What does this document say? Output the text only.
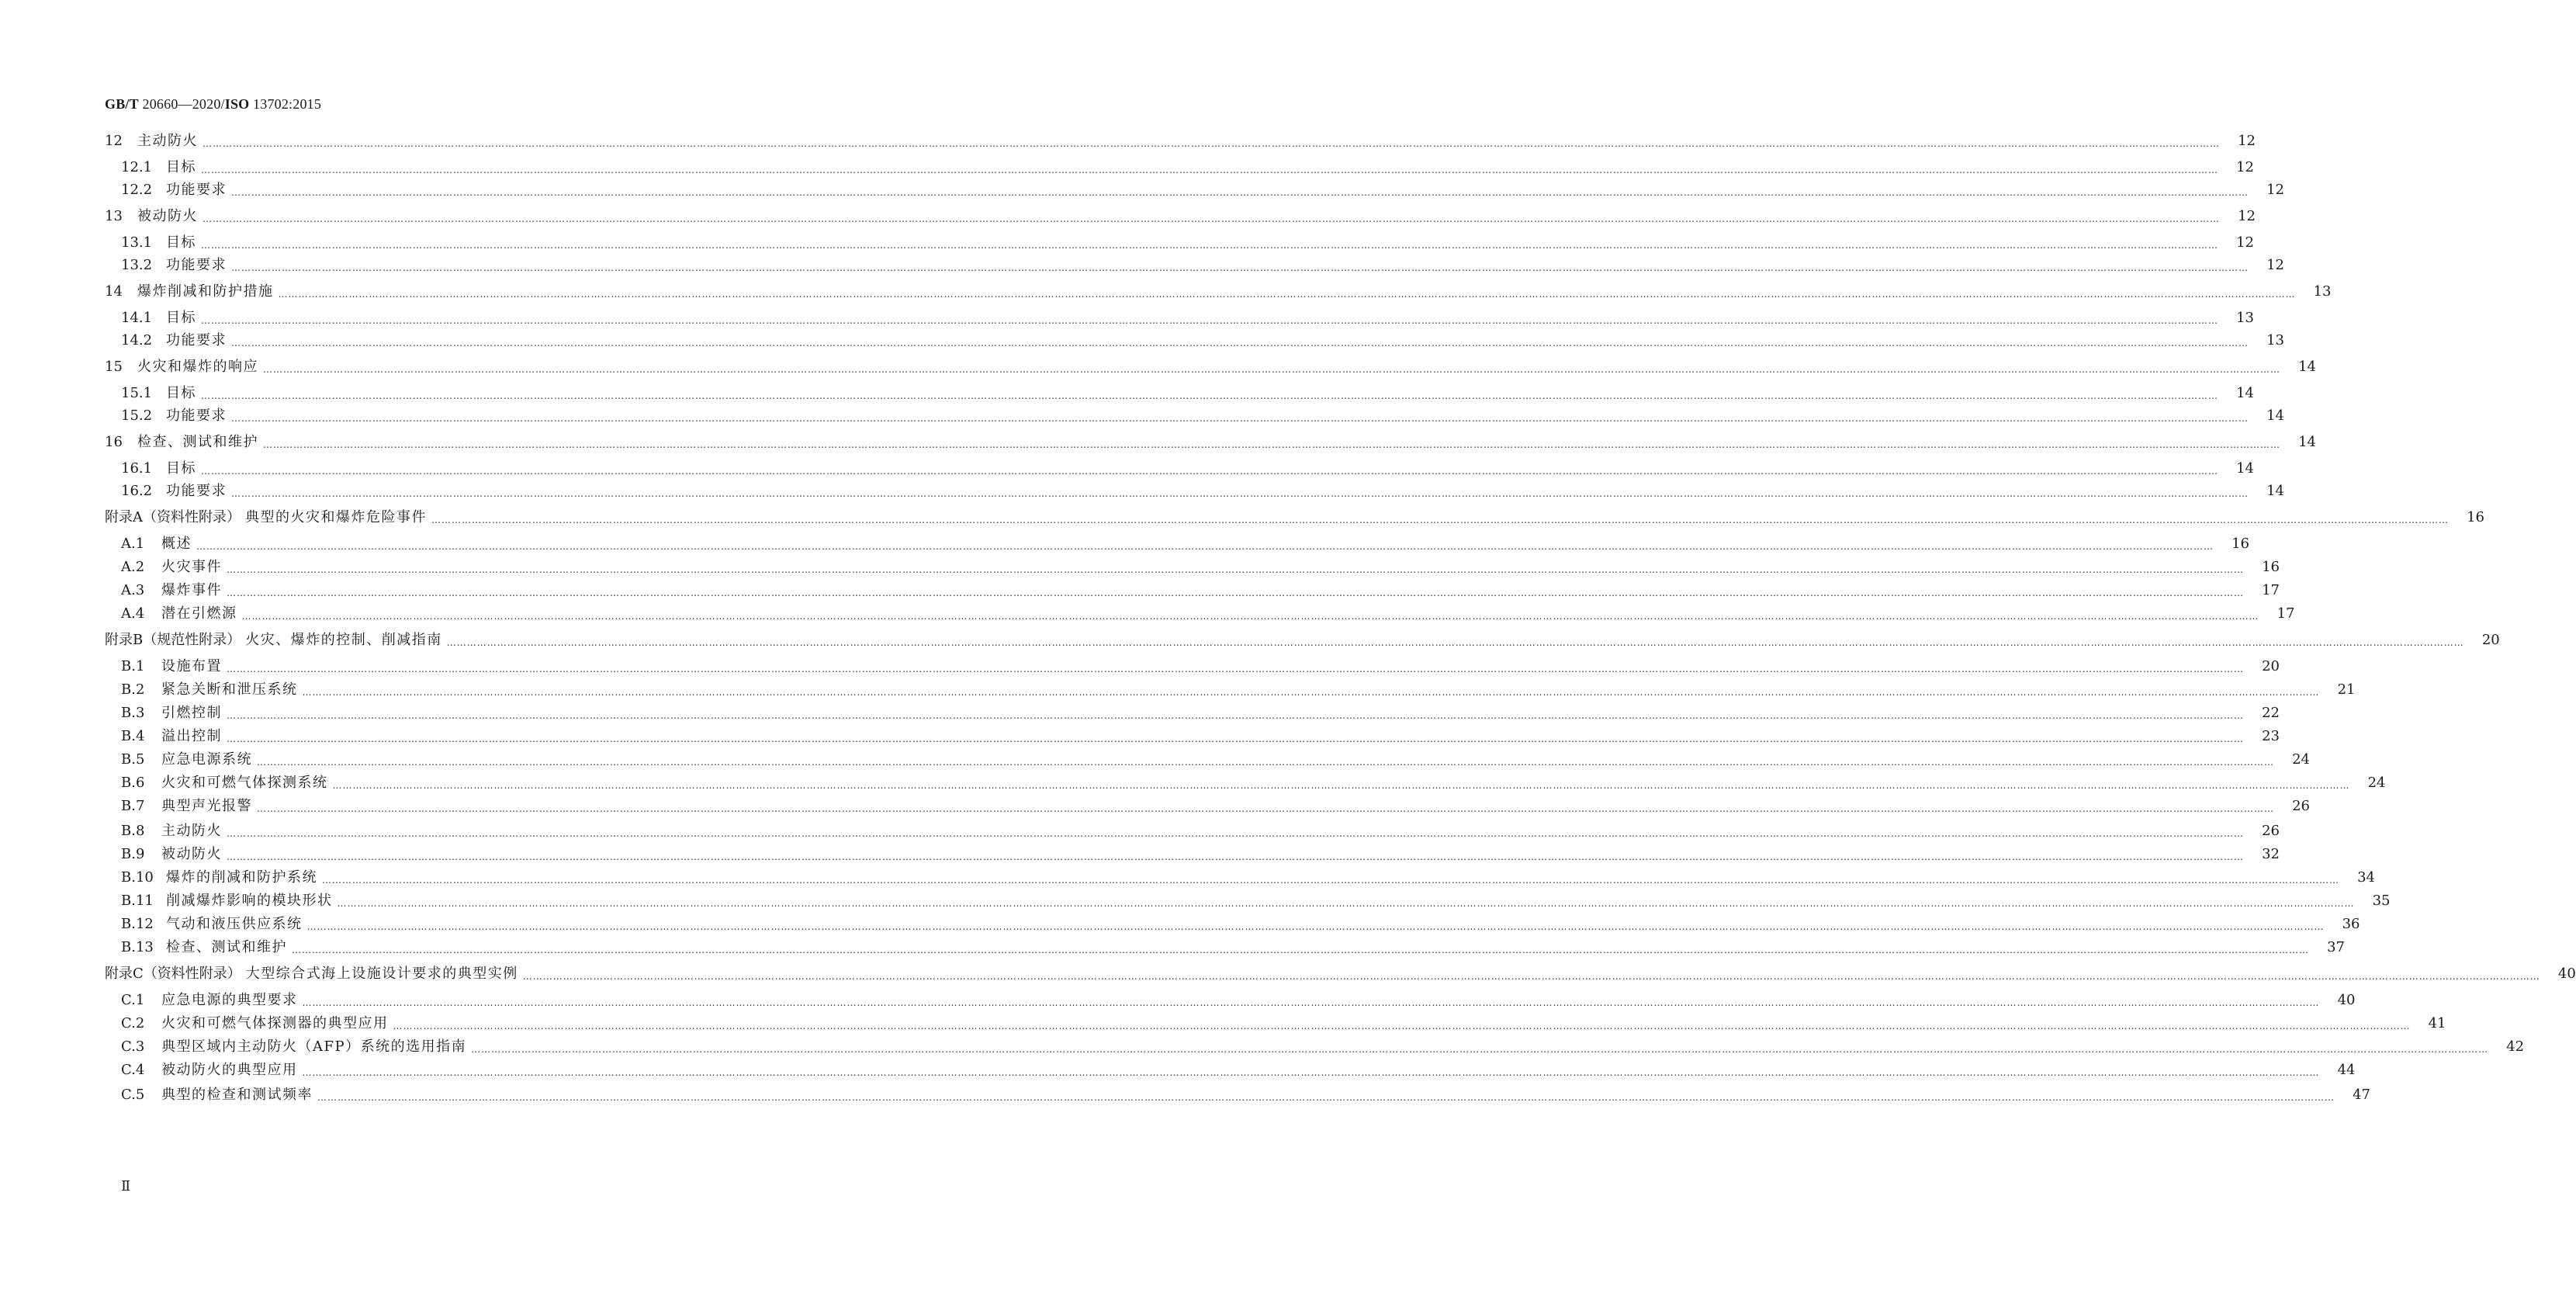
GB/T 20660—2020/ISO 13702:2015
12	主动防火 ……………………………………………………………………………………………………………………………………………………………………………………………………………………………………………………………………………………………………………………………………………………………………………………………………………………………………………………………………………………………………………………………………………………	12
12.1 目标 ……………………………………………………………………………………………………………………………………………………………………………………………………………………………………………………………………………………………………………………………………………………………………………………………………………………………………………………………………………………………………………………………………………………	12
12.2 功能要求 ……………………………………………………………………………………………………………………………………………………………………………………………………………………………………………………………………………………………………………………………………………………………………………………………………………………………………………………………………………………………………………………………………………………	12
13	被动防火 ……………………………………………………………………………………………………………………………………………………………………………………………………………………………………………………………………………………………………………………………………………………………………………………………………………………………………………………………………………………………………………………………………………………	12
13.1 目标 ……………………………………………………………………………………………………………………………………………………………………………………………………………………………………………………………………………………………………………………………………………………………………………………………………………………………………………………………………………………………………………………………………………………	12
13.2 功能要求 ……………………………………………………………………………………………………………………………………………………………………………………………………………………………………………………………………………………………………………………………………………………………………………………………………………………………………………………………………………………………………………………………………………………	12
14	爆炸削减和防护措施 ……………………………………………………………………………………………………………………………………………………………………………………………………………………………………………………………………………………………………………………………………………………………………………………………………………………………………………………………………………………………………………………………………………………	13
14.1 目标 ……………………………………………………………………………………………………………………………………………………………………………………………………………………………………………………………………………………………………………………………………………………………………………………………………………………………………………………………………………………………………………………………………………………	13
14.2 功能要求 ……………………………………………………………………………………………………………………………………………………………………………………………………………………………………………………………………………………………………………………………………………………………………………………………………………………………………………………………………………………………………………………………………………………	13
15	火灾和爆炸的响应 ……………………………………………………………………………………………………………………………………………………………………………………………………………………………………………………………………………………………………………………………………………………………………………………………………………………………………………………………………………………………………………………………………………………	14
15.1 目标 ……………………………………………………………………………………………………………………………………………………………………………………………………………………………………………………………………………………………………………………………………………………………………………………………………………………………………………………………………………………………………………………………………………………	14
15.2 功能要求 ……………………………………………………………………………………………………………………………………………………………………………………………………………………………………………………………………………………………………………………………………………………………………………………………………………………………………………………………………………………………………………………………………………………	14
16	检查、测试和维护 ……………………………………………………………………………………………………………………………………………………………………………………………………………………………………………………………………………………………………………………………………………………………………………………………………………………………………………………………………………………………………………………………………………………	14
16.1 目标 ……………………………………………………………………………………………………………………………………………………………………………………………………………………………………………………………………………………………………………………………………………………………………………………………………………………………………………………………………………………………………………………………………………………	14
16.2 功能要求 ……………………………………………………………………………………………………………………………………………………………………………………………………………………………………………………………………………………………………………………………………………………………………………………………………………………………………………………………………………………………………………………………………………………	14
附录A（资料性附录） 典型的火灾和爆炸危险事件 ……………………………………………………………………………………………………………………………………………………………………………………………………………………………………………………………………………………………………………………………………………………………………………………………………………………………………………………………………………………………………………………………………………………	16
A.1	概述 ……………………………………………………………………………………………………………………………………………………………………………………………………………………………………………………………………………………………………………………………………………………………………………………………………………………………………………………………………………………………………………………………………………………	16
A.2	火灾事件 ……………………………………………………………………………………………………………………………………………………………………………………………………………………………………………………………………………………………………………………………………………………………………………………………………………………………………………………………………………………………………………………………………………………	16
A.3	爆炸事件 ……………………………………………………………………………………………………………………………………………………………………………………………………………………………………………………………………………………………………………………………………………………………………………………………………………………………………………………………………………………………………………………………………………………	17
A.4	潜在引燃源 ……………………………………………………………………………………………………………………………………………………………………………………………………………………………………………………………………………………………………………………………………………………………………………………………………………………………………………………………………………………………………………………………………………………	17
附录B（规范性附录） 火灾、爆炸的控制、削减指南 ……………………………………………………………………………………………………………………………………………………………………………………………………………………………………………………………………………………………………………………………………………………………………………………………………………………………………………………………………………………………………………………………………………………	20
B.1	设施布置 ……………………………………………………………………………………………………………………………………………………………………………………………………………………………………………………………………………………………………………………………………………………………………………………………………………………………………………………………………………………………………………………………………………………	20
B.2	紧急关断和泄压系统 ……………………………………………………………………………………………………………………………………………………………………………………………………………………………………………………………………………………………………………………………………………………………………………………………………………………………………………………………………………………………………………………………………………………	21
B.3	引燃控制 ……………………………………………………………………………………………………………………………………………………………………………………………………………………………………………………………………………………………………………………………………………………………………………………………………………………………………………………………………………………………………………………………………………………	22
B.4	溢出控制 ……………………………………………………………………………………………………………………………………………………………………………………………………………………………………………………………………………………………………………………………………………………………………………………………………………………………………………………………………………………………………………………………………………………	23
B.5	应急电源系统 ……………………………………………………………………………………………………………………………………………………………………………………………………………………………………………………………………………………………………………………………………………………………………………………………………………………………………………………………………………………………………………………………………………………	24
B.6	火灾和可燃气体探测系统 ……………………………………………………………………………………………………………………………………………………………………………………………………………………………………………………………………………………………………………………………………………………………………………………………………………………………………………………………………………………………………………………………………………………	24
B.7	典型声光报警 ……………………………………………………………………………………………………………………………………………………………………………………………………………………………………………………………………………………………………………………………………………………………………………………………………………………………………………………………………………………………………………………………………………………	26
B.8	主动防火 ……………………………………………………………………………………………………………………………………………………………………………………………………………………………………………………………………………………………………………………………………………………………………………………………………………………………………………………………………………………………………………………………………………………	26
B.9	被动防火 ……………………………………………………………………………………………………………………………………………………………………………………………………………………………………………………………………………………………………………………………………………………………………………………………………………………………………………………………………………………………………………………………………………………	32
B.10 爆炸的削减和防护系统 ……………………………………………………………………………………………………………………………………………………………………………………………………………………………………………………………………………………………………………………………………………………………………………………………………………………………………………………………………………………………………………………………………………………	34
B.11 削减爆炸影响的模块形状 ……………………………………………………………………………………………………………………………………………………………………………………………………………………………………………………………………………………………………………………………………………………………………………………………………………………………………………………………………………………………………………………………………………………	35
B.12 气动和液压供应系统 ……………………………………………………………………………………………………………………………………………………………………………………………………………………………………………………………………………………………………………………………………………………………………………………………………………………………………………………………………………………………………………………………………………………	36
B.13 检查、测试和维护 ……………………………………………………………………………………………………………………………………………………………………………………………………………………………………………………………………………………………………………………………………………………………………………………………………………………………………………………………………………………………………………………………………………………	37
附录C（资料性附录） 大型综合式海上设施设计要求的典型实例 ……………………………………………………………………………………………………………………………………………………………………………………………………………………………………………………………………………………………………………………………………………………………………………………………………………………………………………………………………………………………………………………………………………………	40
C.1	应急电源的典型要求 ……………………………………………………………………………………………………………………………………………………………………………………………………………………………………………………………………………………………………………………………………………………………………………………………………………………………………………………………………………………………………………………………………………………	40
C.2	火灾和可燃气体探测器的典型应用 ……………………………………………………………………………………………………………………………………………………………………………………………………………………………………………………………………………………………………………………………………………………………………………………………………………………………………………………………………………………………………………………………………………………	41
C.3	典型区域内主动防火（AFP）系统的选用指南 ……………………………………………………………………………………………………………………………………………………………………………………………………………………………………………………………………………………………………………………………………………………………………………………………………………………………………………………………………………………………………………………………………………………	42
C.4	被动防火的典型应用 ……………………………………………………………………………………………………………………………………………………………………………………………………………………………………………………………………………………………………………………………………………………………………………………………………………………………………………………………………………………………………………………………………………………	44
C.5	典型的检查和测试频率 ……………………………………………………………………………………………………………………………………………………………………………………………………………………………………………………………………………………………………………………………………………………………………………………………………………………………………………………………………………………………………………………………………………………	47
Ⅱ
